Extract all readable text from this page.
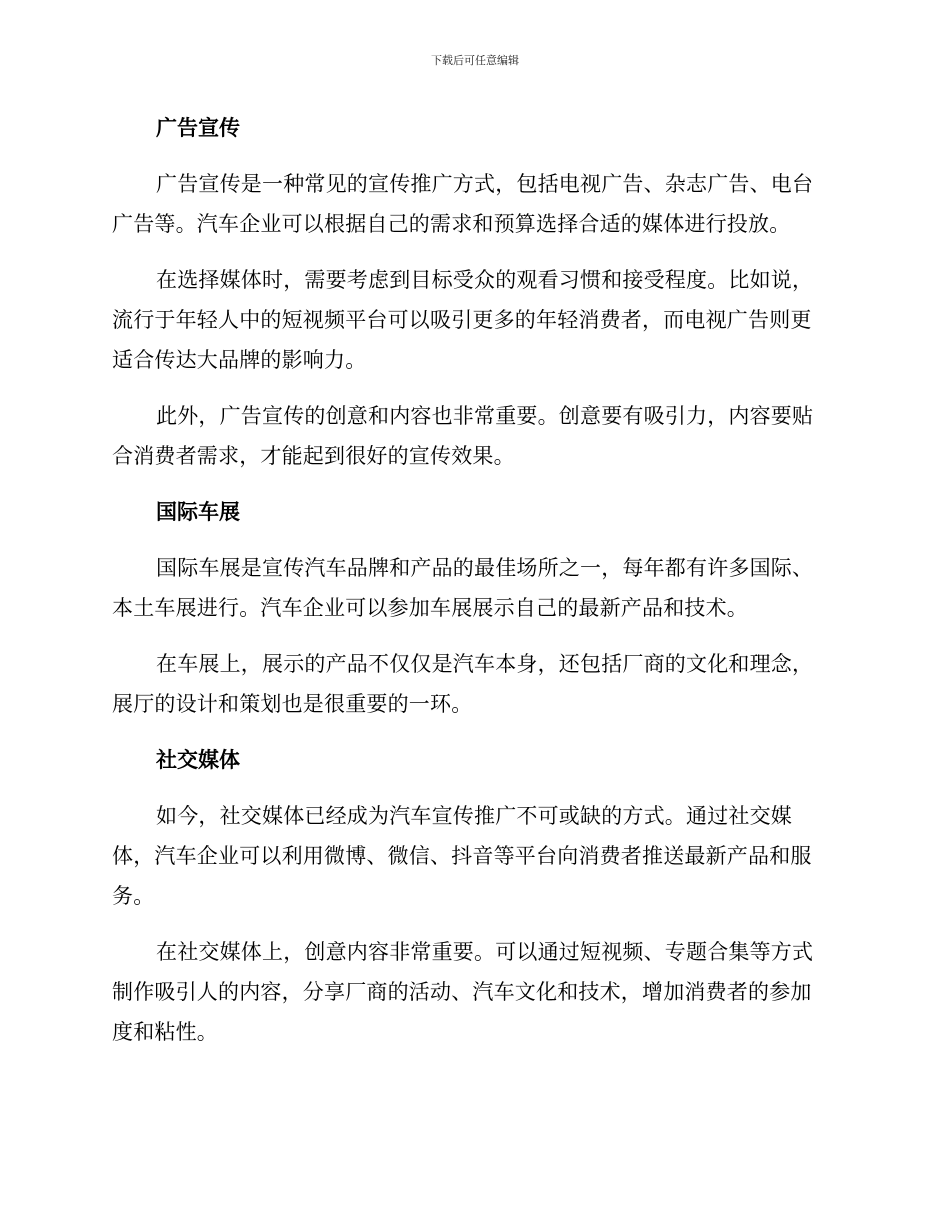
下载后可任意编辑
广告宣传

广告宣传是一种常见的宣传推广方式，包括电视广告、杂志广告、电台广告等。汽车企业可以根据自己的需求和预算选择合适的媒体进行投放。

在选择媒体时，需要考虑到目标受众的观看习惯和接受程度。比如说，流行于年轻人中的短视频平台可以吸引更多的年轻消费者，而电视广告则更适合传达大品牌的影响力。

此外，广告宣传的创意和内容也非常重要。创意要有吸引力，内容要贴合消费者需求，才能起到很好的宣传效果。

国际车展

国际车展是宣传汽车品牌和产品的最佳场所之一，每年都有许多国际、本土车展进行。汽车企业可以参加车展展示自己的最新产品和技术。

在车展上，展示的产品不仅仅是汽车本身，还包括厂商的文化和理念，展厅的设计和策划也是很重要的一环。

社交媒体

如今，社交媒体已经成为汽车宣传推广不可或缺的方式。通过社交媒体，汽车企业可以利用微博、微信、抖音等平台向消费者推送最新产品和服务。

在社交媒体上，创意内容非常重要。可以通过短视频、专题合集等方式制作吸引人的内容，分享厂商的活动、汽车文化和技术，增加消费者的参加度和粘性。
